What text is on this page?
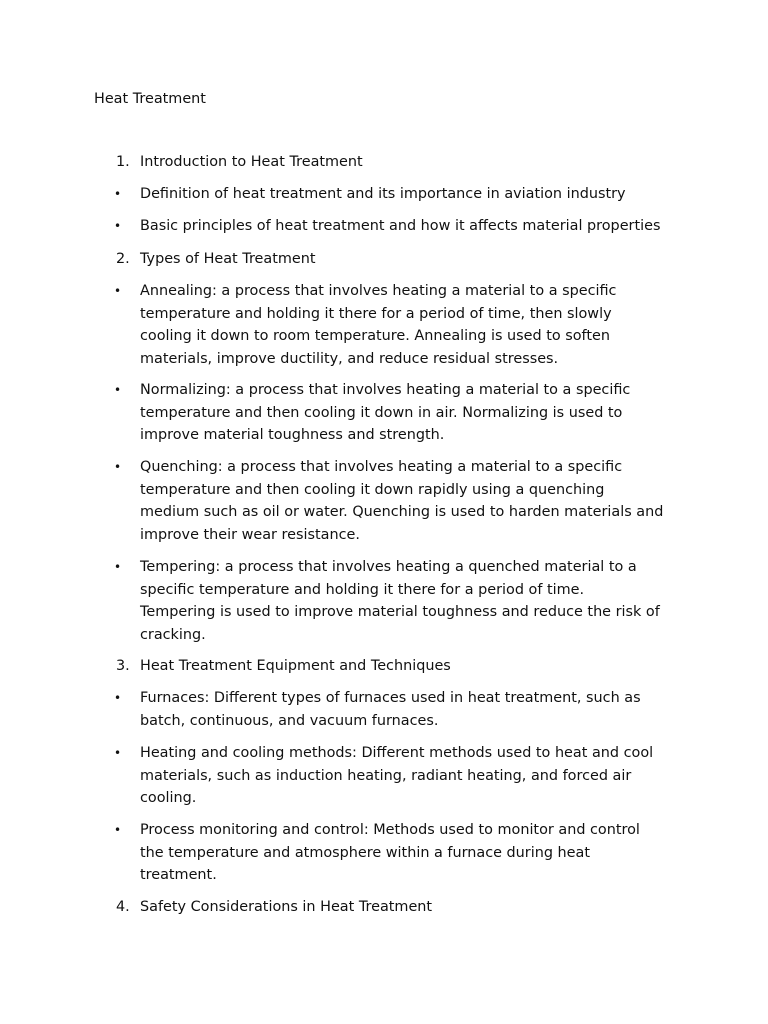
Heat Treatment
1. Introduction to Heat Treatment
•	Definition of heat treatment and its importance in aviation industry
•	Basic principles of heat treatment and how it affects material properties
2. Types of Heat Treatment
•	Annealing: a process that involves heating a material to a specific
temperature and holding it there for a period of time, then slowly
cooling it down to room temperature. Annealing is used to soften
materials, improve ductility, and reduce residual stresses.
•	Normalizing: a process that involves heating a material to a specific
temperature and then cooling it down in air. Normalizing is used to
improve material toughness and strength.
•	Quenching: a process that involves heating a material to a specific
temperature and then cooling it down rapidly using a quenching
medium such as oil or water. Quenching is used to harden materials and
improve their wear resistance.
•	Tempering: a process that involves heating a quenched material to a
specific temperature and holding it there for a period of time.
Tempering is used to improve material toughness and reduce the risk of
cracking.
3. Heat Treatment Equipment and Techniques
•	Furnaces: Different types of furnaces used in heat treatment, such as
batch, continuous, and vacuum furnaces.
•	Heating and cooling methods: Different methods used to heat and cool
materials, such as induction heating, radiant heating, and forced air
cooling.
•	Process monitoring and control: Methods used to monitor and control
the temperature and atmosphere within a furnace during heat
treatment.
4. Safety Considerations in Heat Treatment
